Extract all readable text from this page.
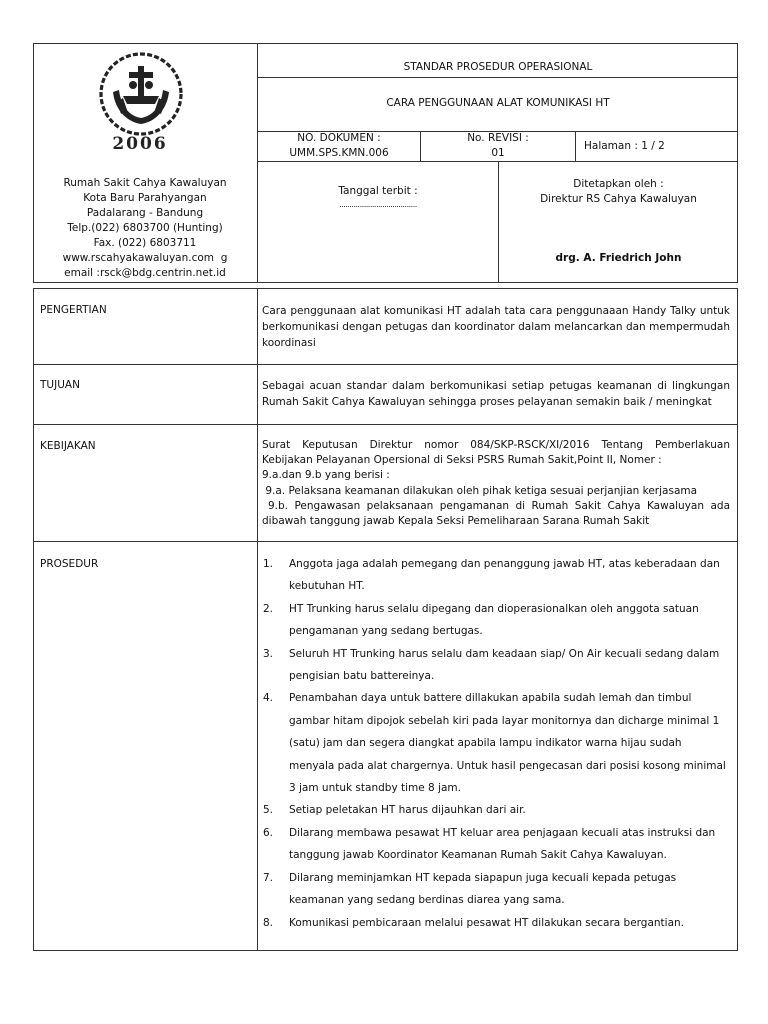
2006
Rumah Sakit Cahya Kawaluyan
Kota Baru Parahyangan
Padalarang - Bandung
Telp.(022) 6803700 (Hunting)
Fax. (022) 6803711
www.rscahyakawaluyan.com  g
email :rsck@bdg.centrin.net.id
STANDAR PROSEDUR OPERASIONAL
CARA PENGGUNAAN ALAT KOMUNIKASI HT
NO. DOKUMEN :
UMM.SPS.KMN.006
No. REVISI :
01
Halaman : 1 / 2
Tanggal terbit :
......................................
Ditetapkan oleh :
Direktur RS Cahya Kawaluyan
drg. A. Friedrich John
PENGERTIAN	Cara penggunaan alat komunikasi HT adalah tata cara penggunaaan Handy Talky untuk berkomunikasi dengan petugas dan koordinator dalam melancarkan dan mempermudah koordinasi
TUJUAN	Sebagai acuan standar dalam berkomunikasi setiap petugas keamanan di lingkungan Rumah Sakit Cahya Kawaluyan sehingga proses pelayanan semakin baik / meningkat
KEBIJAKAN	Surat Keputusan Direktur nomor 084/SKP-RSCK/XI/2016 Tentang Pemberlakuan Kebijakan Pelayanan Opersional di Seksi PSRS Rumah Sakit,Point II, Nomer :
9.a.dan 9.b yang berisi :
9.a. Pelaksana keamanan dilakukan oleh pihak ketiga sesuai perjanjian kerjasama
9.b. Pengawasan pelaksanaan pengamanan di Rumah Sakit Cahya Kawaluyan ada dibawah tanggung jawab Kepala Seksi Pemeliharaan Sarana Rumah Sakit
PROSEDUR	1. Anggota jaga adalah pemegang dan penanggung jawab HT, atas keberadaan dan kebutuhan HT.
2. HT Trunking harus selalu dipegang dan dioperasionalkan oleh anggota satuan pengamanan yang sedang bertugas.
3. Seluruh HT Trunking harus selalu dam keadaan siap/ On Air kecuali sedang dalam pengisian batu battereinya.
4. Penambahan daya untuk battere dillakukan apabila sudah lemah dan timbul gambar hitam dipojok sebelah kiri pada layar monitornya dan dicharge minimal 1 (satu) jam dan segera diangkat apabila lampu indikator warna hijau sudah menyala pada alat chargernya. Untuk hasil pengecasan dari posisi kosong minimal 3 jam untuk standby time 8 jam.
5. Setiap peletakan HT harus dijauhkan dari air.
6. Dilarang membawa pesawat HT keluar area penjagaan kecuali atas instruksi dan tanggung jawab Koordinator Keamanan Rumah Sakit Cahya Kawaluyan.
7. Dilarang meminjamkan HT kepada siapapun juga kecuali kepada petugas keamanan yang sedang berdinas diarea yang sama.
8. Komunikasi pembicaraan melalui pesawat HT dilakukan secara bergantian.
